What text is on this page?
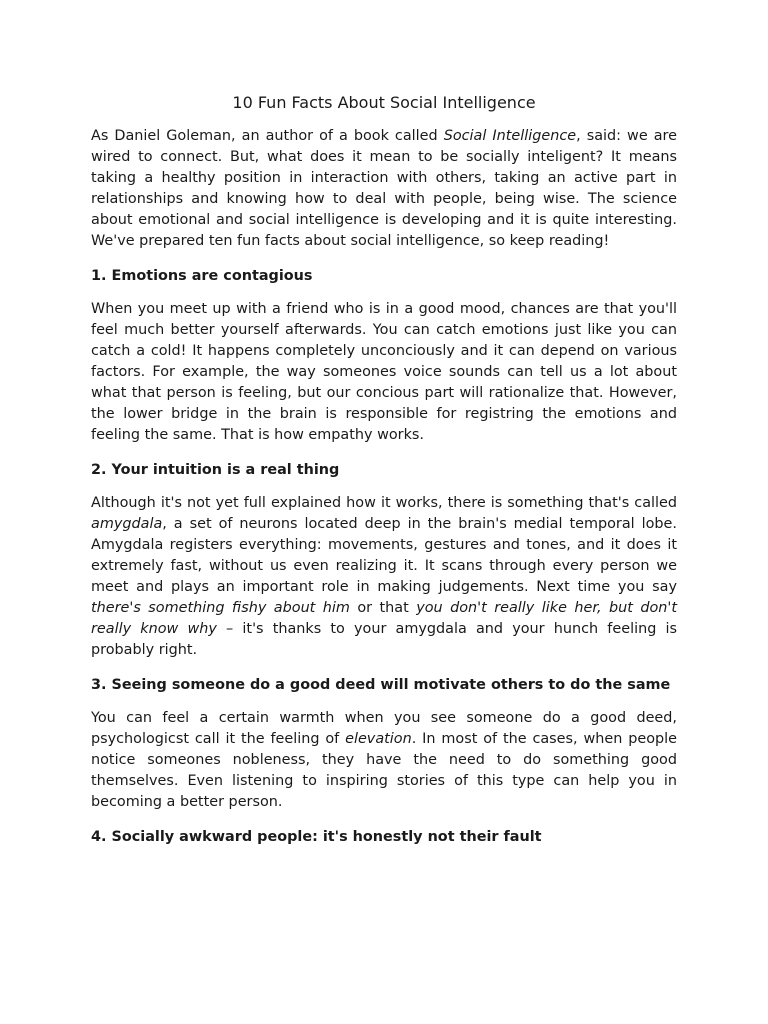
10 Fun Facts About Social Intelligence

As Daniel Goleman, an author of a book called Social Intelligence, said: we are wired to connect. But, what does it mean to be socially inteligent? It means taking a healthy position in interaction with others, taking an active part in relationships and knowing how to deal with people, being wise. The science about emotional and social intelligence is developing and it is quite interesting. We've prepared ten fun facts about social intelligence, so keep reading!

1. Emotions are contagious

When you meet up with a friend who is in a good mood, chances are that you'll feel much better yourself afterwards. You can catch emotions just like you can catch a cold! It happens completely unconciously and it can depend on various factors. For example, the way someones voice sounds can tell us a lot about what that person is feeling, but our concious part will rationalize that. However, the lower bridge in the brain is responsible for registring the emotions and feeling the same. That is how empathy works.

2. Your intuition is a real thing

Although it's not yet full explained how it works, there is something that's called amygdala, a set of neurons located deep in the brain's medial temporal lobe. Amygdala registers everything: movements, gestures and tones, and it does it extremely fast, without us even realizing it. It scans through every person we meet and plays an important role in making judgements. Next time you say there's something fishy about him or that you don't really like her, but don't really know why – it's thanks to your amygdala and your hunch feeling is probably right.

3. Seeing someone do a good deed will motivate others to do the same

You can feel a certain warmth when you see someone do a good deed, psychologicst call it the feeling of elevation. In most of the cases, when people notice someones nobleness, they have the need to do something good themselves. Even listening to inspiring stories of this type can help you in becoming a better person.

4. Socially awkward people: it's honestly not their fault
